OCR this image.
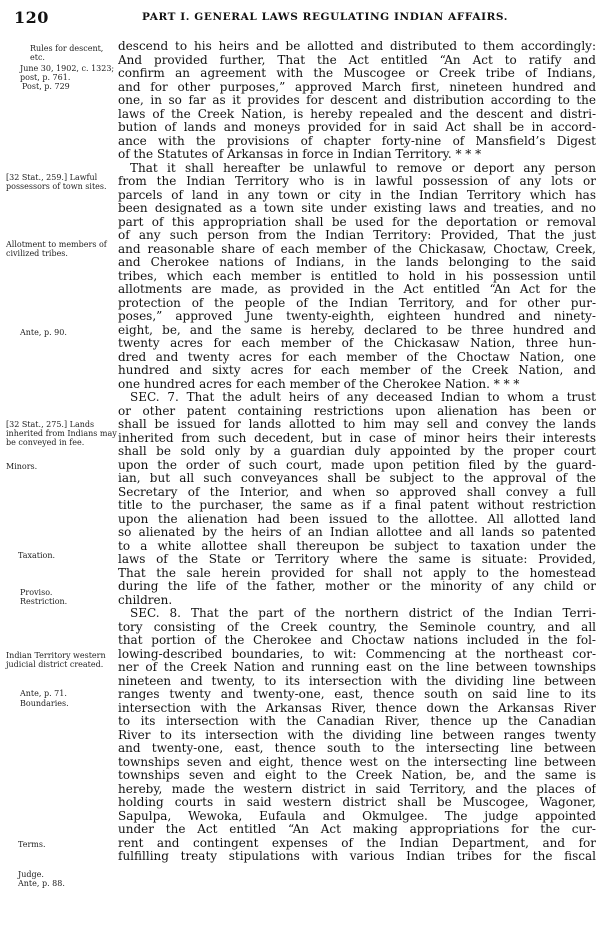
120	PART I. GENERAL LAWS REGULATING INDIAN AFFAIRS.
Rules for descent, etc.
June 30, 1902, c. 1323; post, p. 761.
Post, p. 729
[32 Stat., 259.] Lawful possessors of town sites.
Allotment to members of civilized tribes.
Ante, p. 90.
[32 Stat., 275.] Lands inherited from Indians may be conveyed in fee.
Minors.
Taxation.
Proviso. Restriction.
Indian Territory western judicial district created.
Ante, p. 71.
Boundaries.
Terms.
Judge.
Ante, p. 88.
descend to his heirs and be allotted and distributed to them accordingly:
And provided further, That the Act entitled “An Act to ratify and
confirm an agreement with the Muscogee or Creek tribe of Indians,
and for other purposes,” approved March first, nineteen hundred and
one, in so far as it provides for descent and distribution according to the
laws of the Creek Nation, is hereby repealed and the descent and distri-
bution of lands and moneys provided for in said Act shall be in accord-
ance with the provisions of chapter forty-nine of Mansfield’s Digest
of the Statutes of Arkansas in force in Indian Territory. * * *
That it shall hereafter be unlawful to remove or deport any person
from the Indian Territory who is in lawful possession of any lots or
parcels of land in any town or city in the Indian Territory which has
been designated as a town site under existing laws and treaties, and no
part of this appropriation shall be used for the deportation or removal
of any such person from the Indian Territory: Provided, That the just
and reasonable share of each member of the Chickasaw, Choctaw, Creek,
and Cherokee nations of Indians, in the lands belonging to the said
tribes, which each member is entitled to hold in his possession until
allotments are made, as provided in the Act entitled “An Act for the
protection of the people of the Indian Territory, and for other pur-
poses,” approved June twenty-eighth, eighteen hundred and ninety-
eight, be, and the same is hereby, declared to be three hundred and
twenty acres for each member of the Chickasaw Nation, three hun-
dred and twenty acres for each member of the Choctaw Nation, one
hundred and sixty acres for each member of the Creek Nation, and
one hundred acres for each member of the Cherokee Nation. * * *
SEC. 7. That the adult heirs of any deceased Indian to whom a trust
or other patent containing restrictions upon alienation has been or
shall be issued for lands allotted to him may sell and convey the lands
inherited from such decedent, but in case of minor heirs their interests
shall be sold only by a guardian duly appointed by the proper court
upon the order of such court, made upon petition filed by the guard-
ian, but all such conveyances shall be subject to the approval of the
Secretary of the Interior, and when so approved shall convey a full
title to the purchaser, the same as if a final patent without restriction
upon the alienation had been issued to the allottee. All allotted land
so alienated by the heirs of an Indian allottee and all lands so patented
to a white allottee shall thereupon be subject to taxation under the
laws of the State or Territory where the same is situate: Provided,
That the sale herein provided for shall not apply to the homestead
during the life of the father, mother or the minority of any child or
children.
SEC. 8. That the part of the northern district of the Indian Terri-
tory consisting of the Creek country, the Seminole country, and all
that portion of the Cherokee and Choctaw nations included in the fol-
lowing-described boundaries, to wit: Commencing at the northeast cor-
ner of the Creek Nation and running east on the line between townships
nineteen and twenty, to its intersection with the dividing line between
ranges twenty and twenty-one, east, thence south on said line to its
intersection with the Arkansas River, thence down the Arkansas River
to its intersection with the Canadian River, thence up the Canadian
River to its intersection with the dividing line between ranges twenty
and twenty-one, east, thence south to the intersecting line between
townships seven and eight, thence west on the intersecting line between
townships seven and eight to the Creek Nation, be, and the same is
hereby, made the western district in said Territory, and the places of
holding courts in said western district shall be Muscogee, Wagoner,
Sapulpa, Wewoka, Eufaula and Okmulgee. The judge appointed
under the Act entitled “An Act making appropriations for the cur-
rent and contingent expenses of the Indian Department, and for
fulfilling treaty stipulations with various Indian tribes for the fiscal
